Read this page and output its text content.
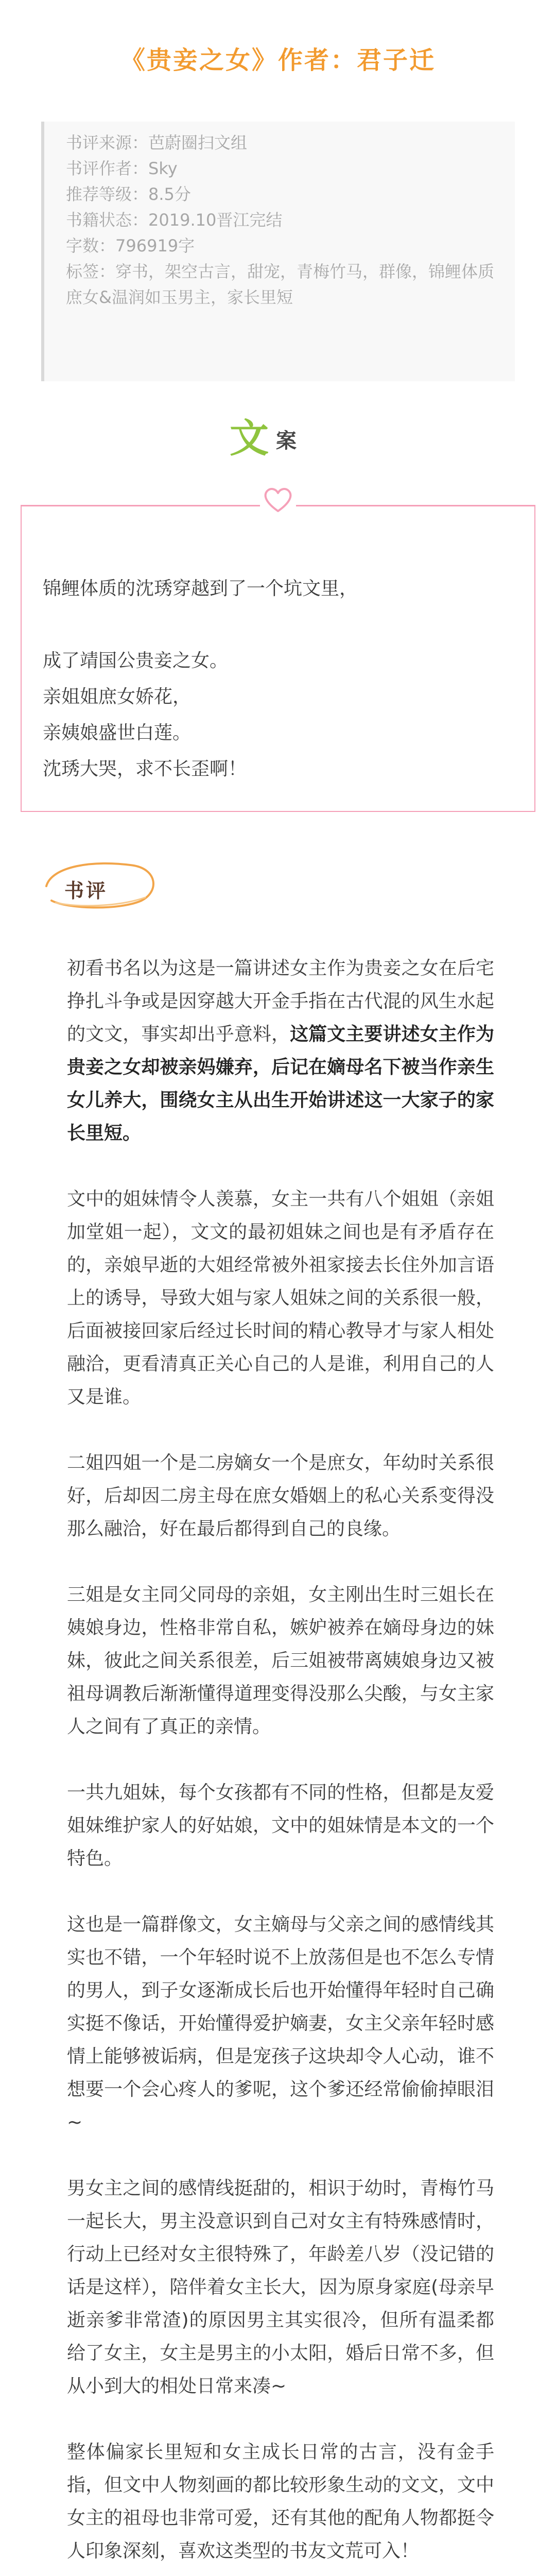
《贵妾之女》作者：君子迁
书评来源：芭蔚圈扫文组
书评作者：Sky
推荐等级：8.5分
书籍状态：2019.10晋江完结
字数：796919字
标签：穿书，架空古言，甜宠，青梅竹马，群像，锦鲤体质庶女&温润如玉男主，家长里短
文 案

锦鲤体质的沈琇穿越到了一个坑文里，

成了靖国公贵妾之女。

亲姐姐庶女娇花，

亲姨娘盛世白莲。

沈琇大哭，求不长歪啊！

书评

初看书名以为这是一篇讲述女主作为贵妾之女在后宅挣扎斗争或是因穿越大开金手指在古代混的风生水起的文文，事实却出乎意料，这篇文主要讲述女主作为贵妾之女却被亲妈嫌弃，后记在嫡母名下被当作亲生女儿养大，围绕女主从出生开始讲述这一大家子的家长里短。

文中的姐妹情令人羡慕，女主一共有八个姐姐（亲姐加堂姐一起），文文的最初姐妹之间也是有矛盾存在的，亲娘早逝的大姐经常被外祖家接去长住外加言语上的诱导，导致大姐与家人姐妹之间的关系很一般，后面被接回家后经过长时间的精心教导才与家人相处融洽，更看清真正关心自己的人是谁，利用自己的人又是谁。

二姐四姐一个是二房嫡女一个是庶女，年幼时关系很好，后却因二房主母在庶女婚姻上的私心关系变得没那么融洽，好在最后都得到自己的良缘。

三姐是女主同父同母的亲姐，女主刚出生时三姐长在姨娘身边，性格非常自私，嫉妒被养在嫡母身边的妹妹，彼此之间关系很差，后三姐被带离姨娘身边又被祖母调教后渐渐懂得道理变得没那么尖酸，与女主家人之间有了真正的亲情。

一共九姐妹，每个女孩都有不同的性格，但都是友爱姐妹维护家人的好姑娘，文中的姐妹情是本文的一个特色。

这也是一篇群像文，女主嫡母与父亲之间的感情线其实也不错，一个年轻时说不上放荡但是也不怎么专情的男人，到子女逐渐成长后也开始懂得年轻时自己确实挺不像话，开始懂得爱护嫡妻，女主父亲年轻时感情上能够被诟病，但是宠孩子这块却令人心动，谁不想要一个会心疼人的爹呢，这个爹还经常偷偷掉眼泪~

男女主之间的感情线挺甜的，相识于幼时，青梅竹马一起长大，男主没意识到自己对女主有特殊感情时，行动上已经对女主很特殊了，年龄差八岁（没记错的话是这样），陪伴着女主长大，因为原身家庭(母亲早逝亲爹非常渣)的原因男主其实很冷，但所有温柔都给了女主，女主是男主的小太阳，婚后日常不多，但从小到大的相处日常来凑~

整体偏家长里短和女主成长日常的古言，没有金手指，但文中人物刻画的都比较形象生动的文文，文中女主的祖母也非常可爱，还有其他的配角人物都挺令人印象深刻，喜欢这类型的书友文荒可入！
